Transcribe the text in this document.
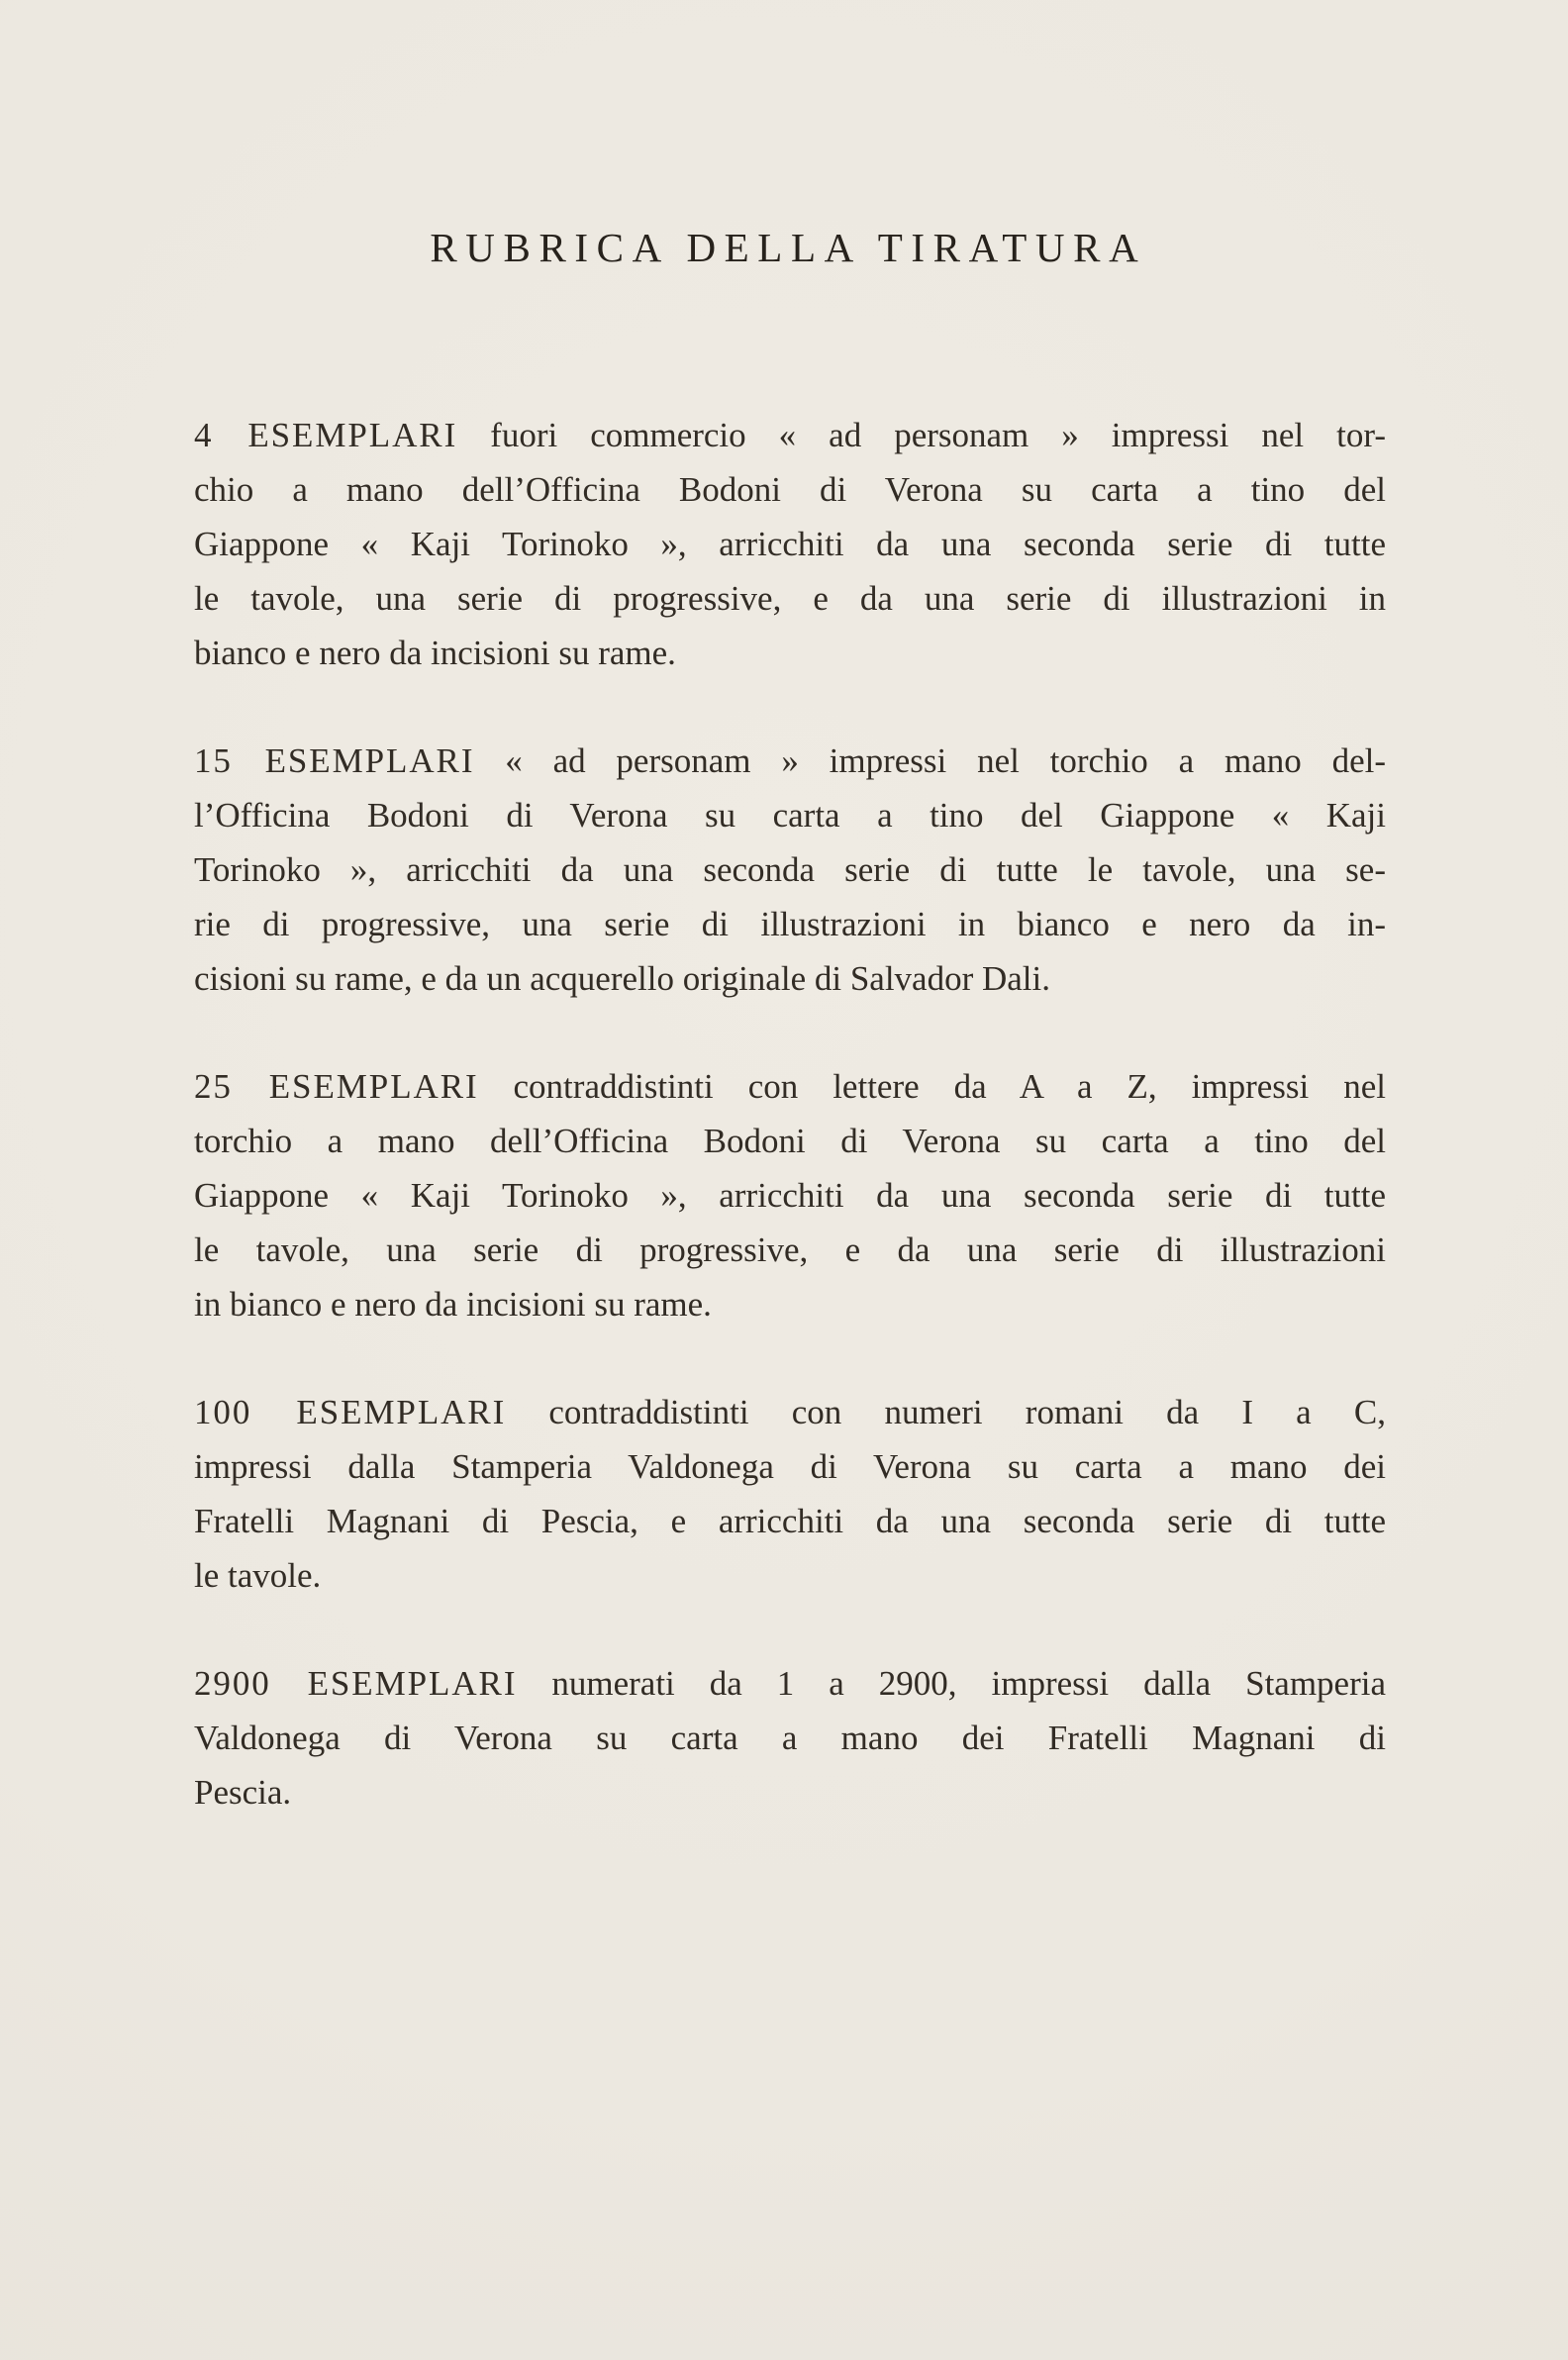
RUBRICA DELLA TIRATURA

4 ESEMPLARI fuori commercio « ad personam » impressi nel tor-
chio a mano dell’Officina Bodoni di Verona su carta a tino del
Giappone « Kaji Torinoko », arricchiti da una seconda serie di tutte
le tavole, una serie di progressive, e da una serie di illustrazioni in
bianco e nero da incisioni su rame.

15 ESEMPLARI « ad personam » impressi nel torchio a mano del-
l’Officina Bodoni di Verona su carta a tino del Giappone « Kaji
Torinoko », arricchiti da una seconda serie di tutte le tavole, una se-
rie di progressive, una serie di illustrazioni in bianco e nero da in-
cisioni su rame, e da un acquerello originale di Salvador Dali.

25 ESEMPLARI contraddistinti con lettere da A a Z, impressi nel
torchio a mano dell’Officina Bodoni di Verona su carta a tino del
Giappone « Kaji Torinoko », arricchiti da una seconda serie di tutte
le tavole, una serie di progressive, e da una serie di illustrazioni
in bianco e nero da incisioni su rame.

100 ESEMPLARI contraddistinti con numeri romani da I a C,
impressi dalla Stamperia Valdonega di Verona su carta a mano dei
Fratelli Magnani di Pescia, e arricchiti da una seconda serie di tutte
le tavole.

2900 ESEMPLARI numerati da 1 a 2900, impressi dalla Stamperia
Valdonega di Verona su carta a mano dei Fratelli Magnani di
Pescia.
